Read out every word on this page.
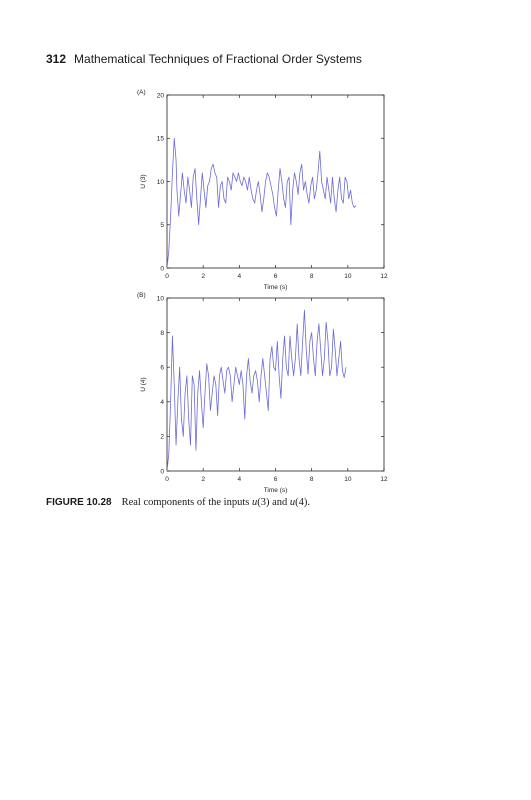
312 Mathematical Techniques of Fractional Order Systems
0	2	4	6	8	10	12
0
5
10
15
20
(A)
Time (s)
U (3)
0	2	4	6	8	10	12
0
2
4
6
8
10
(B)
Time (s)
U (4)
FIGURE 10.28 Real components of the inputs u(3) and u(4).
